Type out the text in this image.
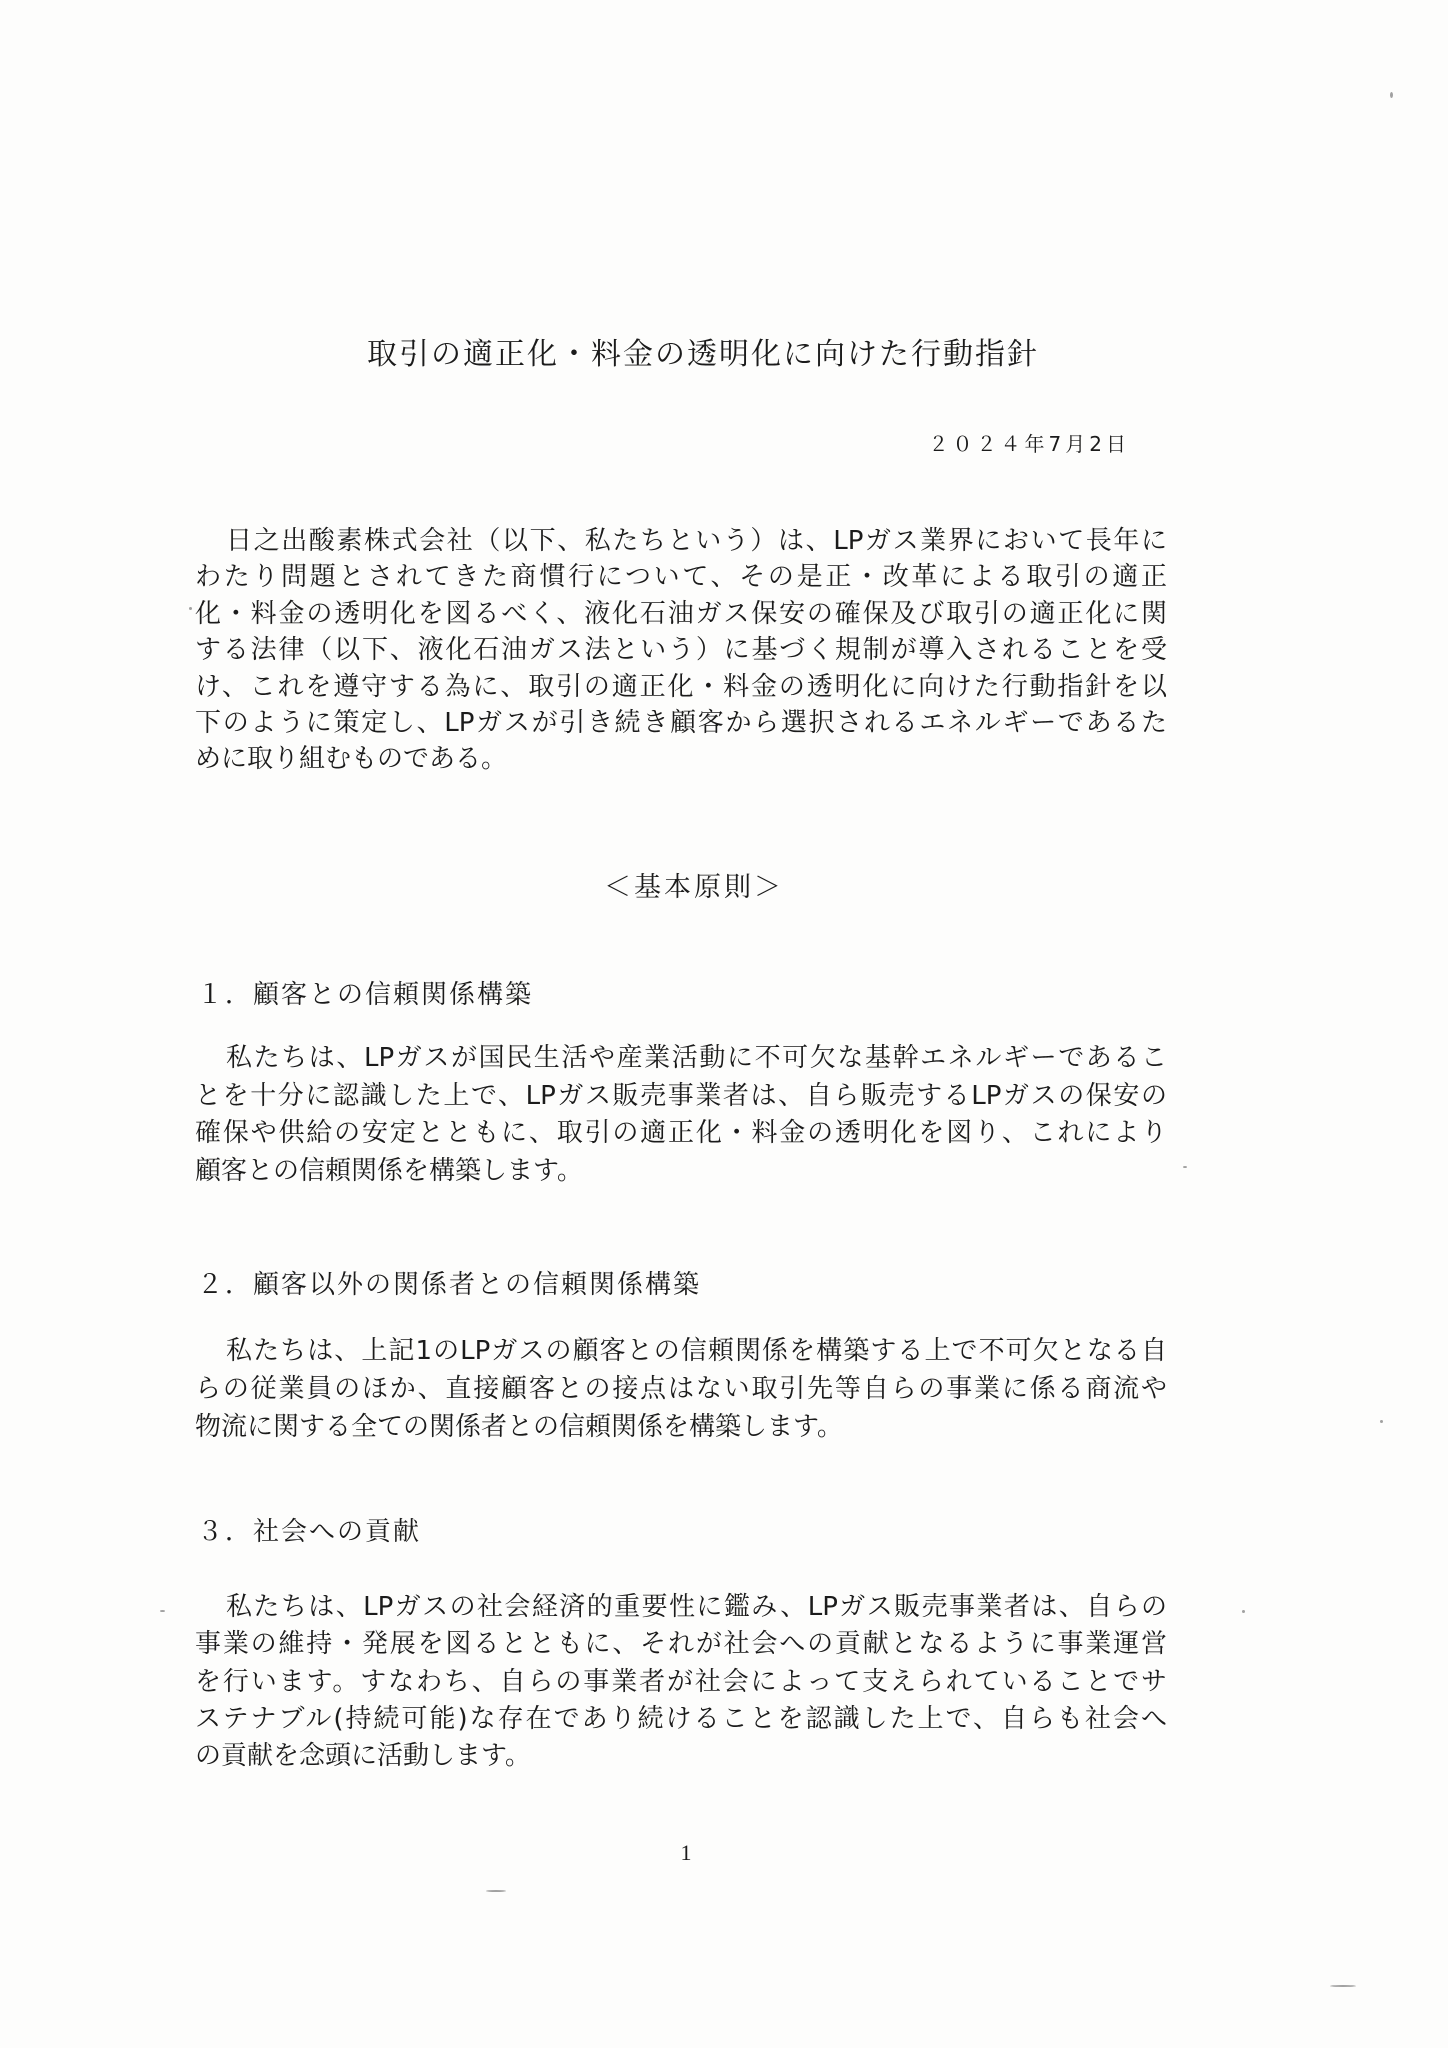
取引の適正化・料金の透明化に向けた行動指針
２０２４年7月2日
日之出酸素株式会社（以下、私たちという）は、LPガス業界において長年に
わたり問題とされてきた商慣行について、その是正・改革による取引の適正
化・料金の透明化を図るべく、液化石油ガス保安の確保及び取引の適正化に関
する法律（以下、液化石油ガス法という）に基づく規制が導入されることを受
け、これを遵守する為に、取引の適正化・料金の透明化に向けた行動指針を以
下のように策定し、LPガスが引き続き顧客から選択されるエネルギーであるた
めに取り組むものである。
＜基本原則＞
１．顧客との信頼関係構築
私たちは、LPガスが国民生活や産業活動に不可欠な基幹エネルギーであるこ
とを十分に認識した上で、LPガス販売事業者は、自ら販売するLPガスの保安の
確保や供給の安定とともに、取引の適正化・料金の透明化を図り、これにより
顧客との信頼関係を構築します。
２．顧客以外の関係者との信頼関係構築
私たちは、上記1のLPガスの顧客との信頼関係を構築する上で不可欠となる自
らの従業員のほか、直接顧客との接点はない取引先等自らの事業に係る商流や
物流に関する全ての関係者との信頼関係を構築します。
３．社会への貢献
私たちは、LPガスの社会経済的重要性に鑑み、LPガス販売事業者は、自らの
事業の維持・発展を図るとともに、それが社会への貢献となるように事業運営
を行います。すなわち、自らの事業者が社会によって支えられていることでサ
ステナブル(持続可能)な存在であり続けることを認識した上で、自らも社会へ
の貢献を念頭に活動します。
1
